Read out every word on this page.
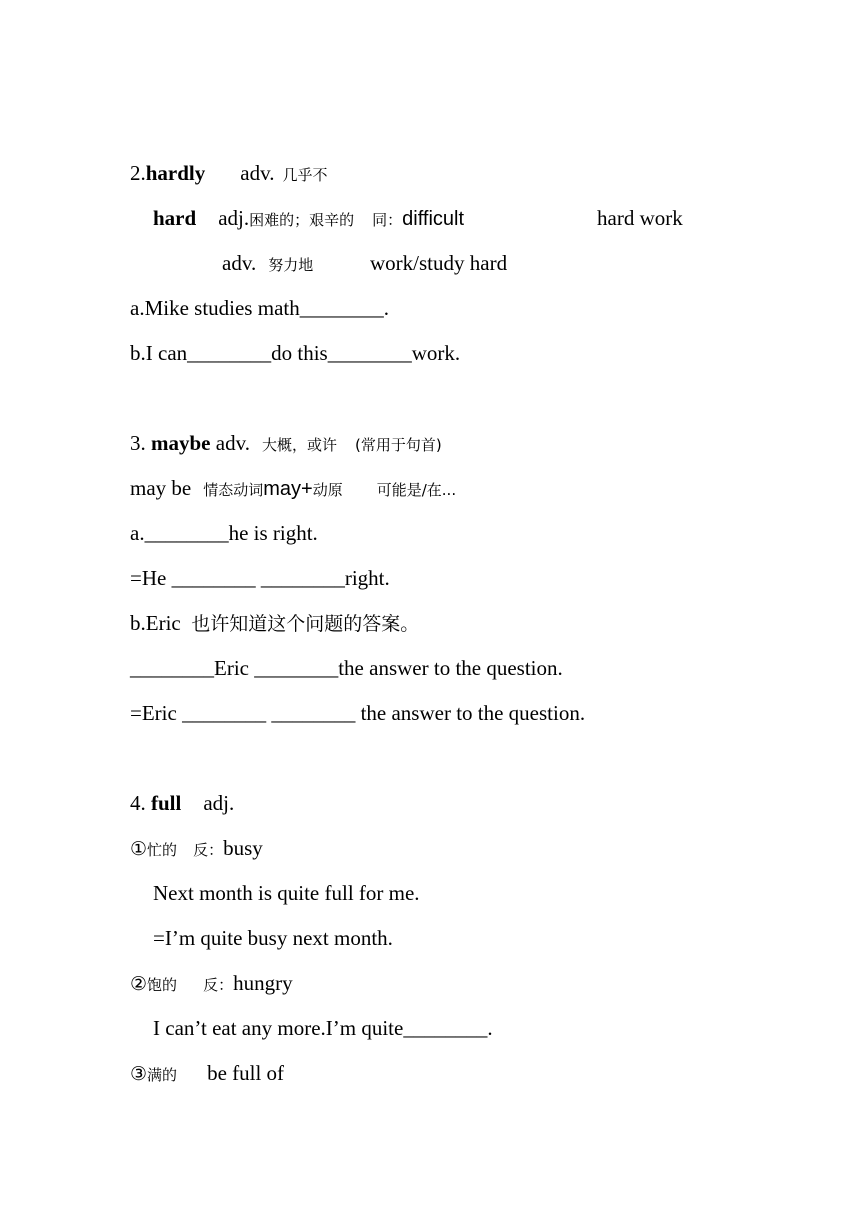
2.hardly adv. 几乎不
hard adj.困难的；艰辛的 同：difficult	hard work
adv. 努力地	work/study hard
a.Mike studies math________.
b.I can________do this________work.
3. maybe adv. 大概，或许 (常用于句首)
may be 情态动词may+动原 可能是/在...
a.________he is right.
=He ________ ________right.
b.Eric  也许知道这个问题的答案。
________Eric ________the answer to the question.
=Eric ________ ________ the answer to the question.
4. full adj.
①忙的 反：busy
Next month is quite full for me.
=I’m quite busy next month.
②饱的 反：hungry
I can’t eat any more.I’m quite________.
③满的 be full of
